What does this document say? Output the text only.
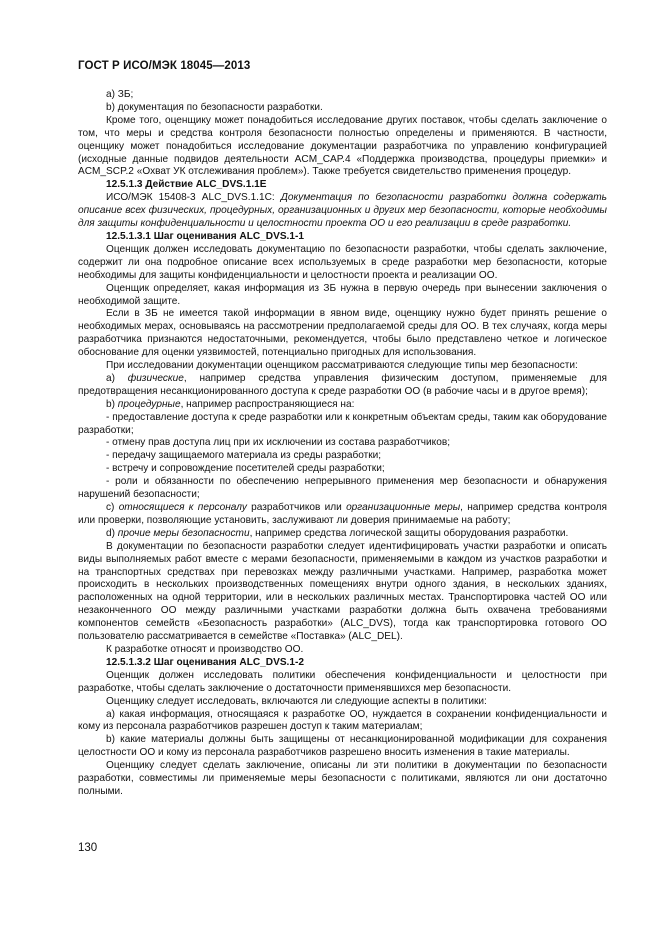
ГОСТ Р ИСО/МЭК 18045—2013

a) ЗБ;

b) документация по безопасности разработки.

Кроме того, оценщику может понадобиться исследование других поставок, чтобы сделать заключение о том, что меры и средства контроля безопасности полностью определены и применяются. В частности, оценщику может понадобиться исследование документации разработчика по управлению конфигурацией (исходные данные подвидов деятельности ACM_CAP.4 «Поддержка производства, процедуры приемки» и ACM_SCP.2 «Охват УК отслеживания проблем»). Также требуется свидетельство применения процедур.

12.5.1.3 Действие ALC_DVS.1.1E

ИСО/МЭК 15408-3 ALC_DVS.1.1C: Документация по безопасности разработки должна содержать описание всех физических, процедурных, организационных и других мер безопасности, которые необходимы для защиты конфиденциальности и целостности проекта ОО и его реализации в среде разработки.

12.5.1.3.1 Шаг оценивания ALC_DVS.1-1

Оценщик должен исследовать документацию по безопасности разработки, чтобы сделать заключение, содержит ли она подробное описание всех используемых в среде разработки мер безопасности, которые необходимы для защиты конфиденциальности и целостности проекта и реализации ОО.

Оценщик определяет, какая информация из ЗБ нужна в первую очередь при вынесении заключения о необходимой защите.

Если в ЗБ не имеется такой информации в явном виде, оценщику нужно будет принять решение о необходимых мерах, основываясь на рассмотрении предполагаемой среды для ОО. В тех случаях, когда меры разработчика признаются недостаточными, рекомендуется, чтобы было представлено четкое и логическое обоснование для оценки уязвимостей, потенциально пригодных для использования.

При исследовании документации оценщиком рассматриваются следующие типы мер безопасности:

a) физические, например средства управления физическим доступом, применяемые для предотвращения несанкционированного доступа к среде разработки ОО (в рабочие часы и в другое время);

b) процедурные, например распространяющиеся на:

- предоставление доступа к среде разработки или к конкретным объектам среды, таким как оборудование разработки;

- отмену прав доступа лиц при их исключении из состава разработчиков;

- передачу защищаемого материала из среды разработки;

- встречу и сопровождение посетителей среды разработки;

- роли и обязанности по обеспечению непрерывного применения мер безопасности и обнаружения нарушений безопасности;

c) относящиеся к персоналу разработчиков или организационные меры, например средства контроля или проверки, позволяющие установить, заслуживают ли доверия принимаемые на работу;

d) прочие меры безопасности, например средства логической защиты оборудования разработки.

В документации по безопасности разработки следует идентифицировать участки разработки и описать виды выполняемых работ вместе с мерами безопасности, применяемыми в каждом из участков разработки и на транспортных средствах при перевозках между различными участками. Например, разработка может происходить в нескольких производственных помещениях внутри одного здания, в нескольких зданиях, расположенных на одной территории, или в нескольких различных местах. Транспортировка частей ОО или незаконченного ОО между различными участками разработки должна быть охвачена требованиями компонентов семейств «Безопасность разработки» (ALC_DVS), тогда как транспортировка готового ОО пользователю рассматривается в семействе «Поставка» (ALC_DEL).

К разработке относят и производство ОО.

12.5.1.3.2 Шаг оценивания ALC_DVS.1-2

Оценщик должен исследовать политики обеспечения конфиденциальности и целостности при разработке, чтобы сделать заключение о достаточности применявшихся мер безопасности.

Оценщику следует исследовать, включаются ли следующие аспекты в политики:

a) какая информация, относящаяся к разработке ОО, нуждается в сохранении конфиденциальности и кому из персонала разработчиков разрешен доступ к таким материалам;

b) какие материалы должны быть защищены от несанкционированной модификации для сохранения целостности ОО и кому из персонала разработчиков разрешено вносить изменения в такие материалы.

Оценщику следует сделать заключение, описаны ли эти политики в документации по безопасности разработки, совместимы ли применяемые меры безопасности с политиками, являются ли они достаточно полными.

130
